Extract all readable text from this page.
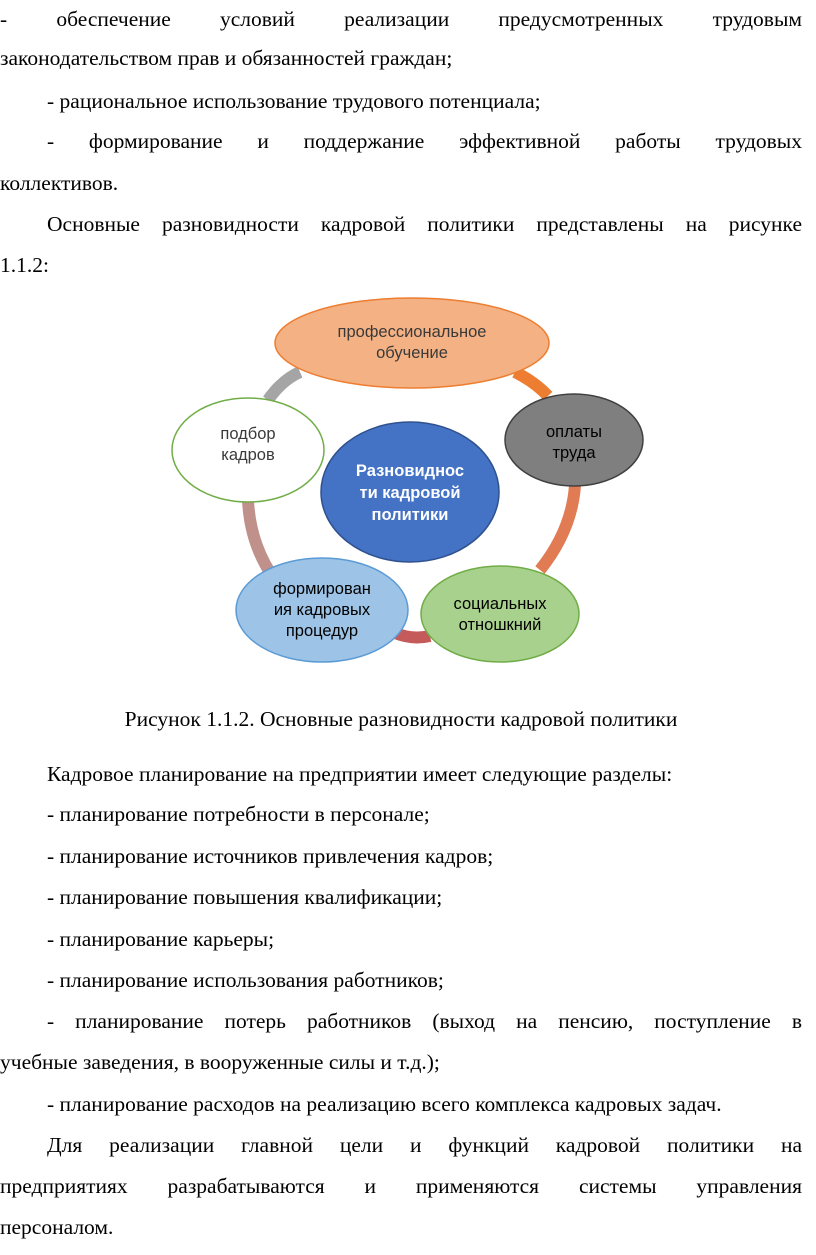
- обеспечение условий реализации предусмотренных трудовым
законодательством прав и обязанностей граждан;
- рациональное использование трудового потенциала;
- формирование и поддержание эффективной работы трудовых
коллективов.
Основные разновидности кадровой политики представлены на рисунке
1.1.2:
профессиональное
обучение
оплаты
труда
социальных
отношкний
формирован
ия кадровых
процедур
подбор
кадров
Разновиднос
ти кадровой
политики
Рисунок 1.1.2. Основные разновидности кадровой политики
Кадровое планирование на предприятии имеет следующие разделы:
- планирование потребности в персонале;
- планирование источников привлечения кадров;
- планирование повышения квалификации;
- планирование карьеры;
- планирование использования работников;
- планирование потерь работников (выход на пенсию, поступление в
учебные заведения, в вооруженные силы и т.д.);
- планирование расходов на реализацию всего комплекса кадровых задач.
Для реализации главной цели и функций кадровой политики на
предприятиях разрабатываются и применяются системы управления
персоналом.
